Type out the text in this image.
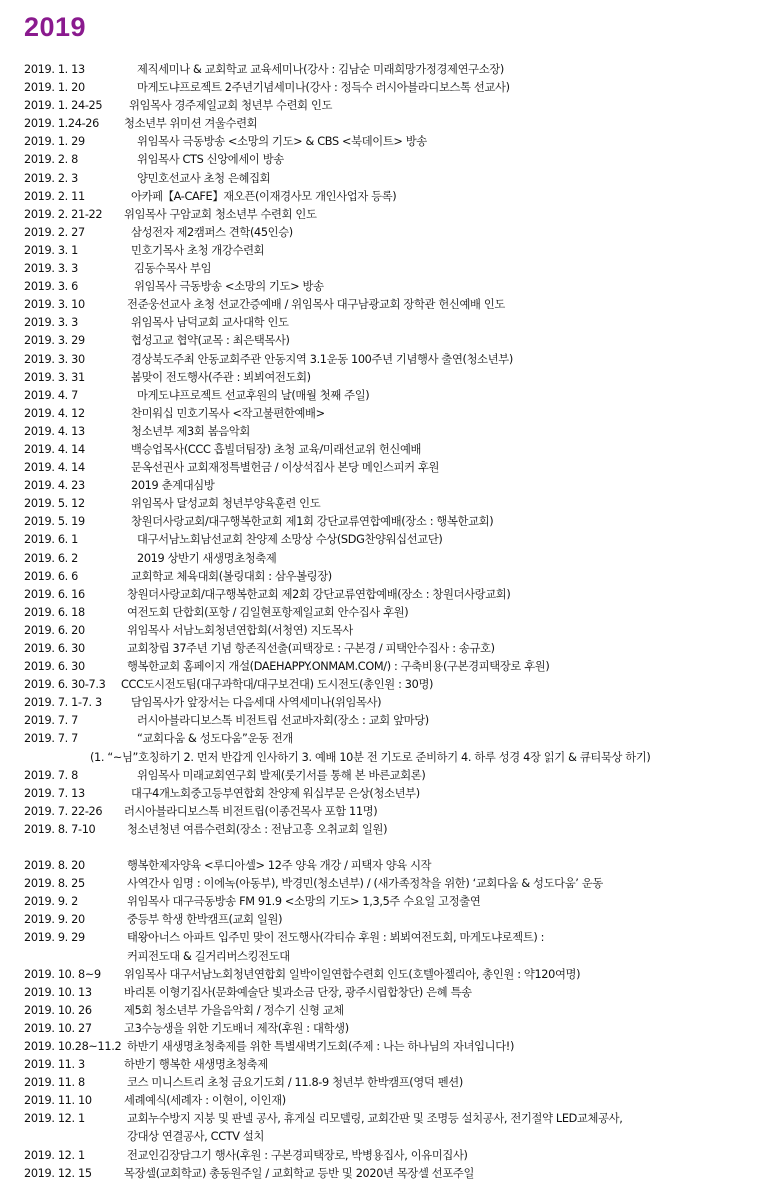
2019
2019. 1. 13	제직세미나 & 교회학교 교육세미나(강사 : 김남순 미래희망가정경제연구소장)
2019. 1. 20	마게도냐프로젝트 2주년기념세미나(강사 : 정득수 러시아블라디보스톡 선교사)
2019. 1. 24-25 위임목사 경주제일교회 청년부 수련회 인도
2019. 1.24-26 청소년부 위미션 겨울수련회
2019. 1. 29	위임목사 극동방송 <소망의 기도> & CBS <북데이트> 방송
2019. 2. 8	위임목사 CTS 신앙에세이 방송
2019. 2. 3	양민호선교사 초청 은혜집회
2019. 2. 11	아카페【A-CAFE】재오픈(이재경사모 개인사업자 등록)
2019. 2. 21-22 위임목사 구암교회 청소년부 수련회 인도
2019. 2. 27	삼성전자 제2캠퍼스 견학(45인승)
2019. 3. 1	민호기목사 초청 개강수련회
2019. 3. 3	김동수목사 부임
2019. 3. 6	위임목사 극동방송 <소망의 기도> 방송
2019. 3. 10	전준웅선교사 초청 선교간증예배 / 위임목사 대구남광교회 장학관 헌신예배 인도
2019. 3. 3	위임목사 남덕교회 교사대학 인도
2019. 3. 29	협성고교 협약(교목 : 최은택목사)
2019. 3. 30	경상북도주최 안동교회주관 안동지역 3.1운동 100주년 기념행사 출연(청소년부)
2019. 3. 31	봄맞이 전도행사(주관 : 뵈뵈여전도회)
2019. 4. 7	마게도냐프로젝트 선교후원의 날(매월 첫째 주일)
2019. 4. 12	찬미워십 민호기목사 <작고불편한예배>
2019. 4. 13	청소년부 제3회 봄음악회
2019. 4. 14	백승업목사(CCC 흡빌더팀장) 초청 교육/미래선교위 헌신예배
2019. 4. 14	문옥선권사 교회재정특별헌금 / 이상석집사 본당 메인스피커 후원
2019. 4. 23	2019 춘계대심방
2019. 5. 12	위임목사 달성교회 청년부양육훈련 인도
2019. 5. 19	창원더사랑교회/대구행복한교회 제1회 강단교류연합예배(장소 : 행복한교회)
2019. 6. 1	대구서남노회남선교회 찬양제 소망상 수상(SDG찬양워십선교단)
2019. 6. 2	2019 상반기 새생명초청축제
2019. 6. 6	교회학교 체육대회(볼링대회 : 삼우볼링장)
2019. 6. 16	창원더사랑교회/대구행복한교회 제2회 강단교류연합예배(장소 : 창원더사랑교회)
2019. 6. 18	여전도회 단합회(포항 / 김일현포항제일교회 안수집사 후원)
2019. 6. 20	위임목사 서남노회청년연합회(서청연) 지도목사
2019. 6. 30	교회창립 37주년 기념 항존직선출(피택장로 : 구본경 / 피택안수집사 : 송규호)
2019. 6. 30	행복한교회 홈페이지 개설(DAEHAPPY.ONMAM.COM/) : 구축비용(구본경피택장로 후원)
2019. 6. 30-7.3 CCC도시전도팀(대구과학대/대구보건대) 도시전도(총인원 : 30명)
2019. 7. 1-7. 3	담임목사가 앞장서는 다음세대 사역세미나(위임목사)
2019. 7. 7	러시아블라디보스톡 비전트립 선교바자회(장소 : 교회 앞마당)
2019. 7. 7	“교회다움 & 성도다움”운동 전개
(1. “~님”호칭하기 2. 먼저 반갑게 인사하기 3. 예배 10분 전 기도로 준비하기 4. 하루 성경 4장 읽기 & 큐티묵상 하기)
2019. 7. 8	위임목사 미래교회연구회 발제(룻기서를 통해 본 바른교회론)
2019. 7. 13	대구4개노회중고등부연합회 찬양제 워십부문 은상(청소년부)
2019. 7. 22-26 러시아블라디보스톡 비전트립(이종건목사 포함 11명)
2019. 8. 7-10	청소년청년 여름수련회(장소 : 전남고흥 오취교회 일원)
2019. 8. 20	행복한제자양육 <루디아셀> 12주 양육 개강 / 피택자 양육 시작
2019. 8. 25	사역간사 임명 : 이에녹(아동부), 박경민(청소년부) / (새가족정착을 위한) ‘교회다움 & 성도다움’ 운동
2019. 9. 2	위임목사 대구극동방송 FM 91.9 <소망의 기도> 1,3,5주 수요일 고정출연
2019. 9. 20	중등부 학생 한박캠프(교회 일원)
2019. 9. 29	태왕아너스 아파트 입주민 맞이 전도행사(각티슈 후원 : 뵈뵈여전도회, 마게도냐로젝트) :
커피전도대 & 길거리버스킹전도대
2019. 10. 8~9 위임목사 대구서남노회청년연합회 일박이일연합수련회 인도(호텔아젤리아, 총인원 : 약120여명)
2019. 10. 13	바리톤 이형기집사(문화예술단 빛과소금 단장, 광주시립합창단) 은혜 특송
2019. 10. 26	제5회 청소년부 가을음악회 / 정수기 신형 교체
2019. 10. 27	고3수능생을 위한 기도배너 제작(후원 : 대학생)
2019. 10.28~11.2 하반기 새생명초청축제를 위한 특별새벽기도회(주제 : 나는 하나님의 자녀입니다!)
2019. 11. 3	하반기 행복한 새생명초청축제
2019. 11. 8	코스 미니스트리 초청 금요기도회 / 11.8-9 청년부 한박캠프(영덕 펜션)
2019. 11. 10	세례예식(세례자 : 이현이, 이인재)
2019. 12. 1	교회누수방지 지붕 및 판넬 공사, 휴게실 리모델링, 교회간판 및 조명등 설치공사, 전기절약 LED교체공사,
강대상 연결공사, CCTV 설치
2019. 12. 1	전교인김장담그기 행사(후원 : 구본경피택장로, 박병용집사, 이유미집사)
2019. 12. 15	목장셀(교회학교) 총동원주일 / 교회학교 등반 및 2020년 목장셀 선포주일
